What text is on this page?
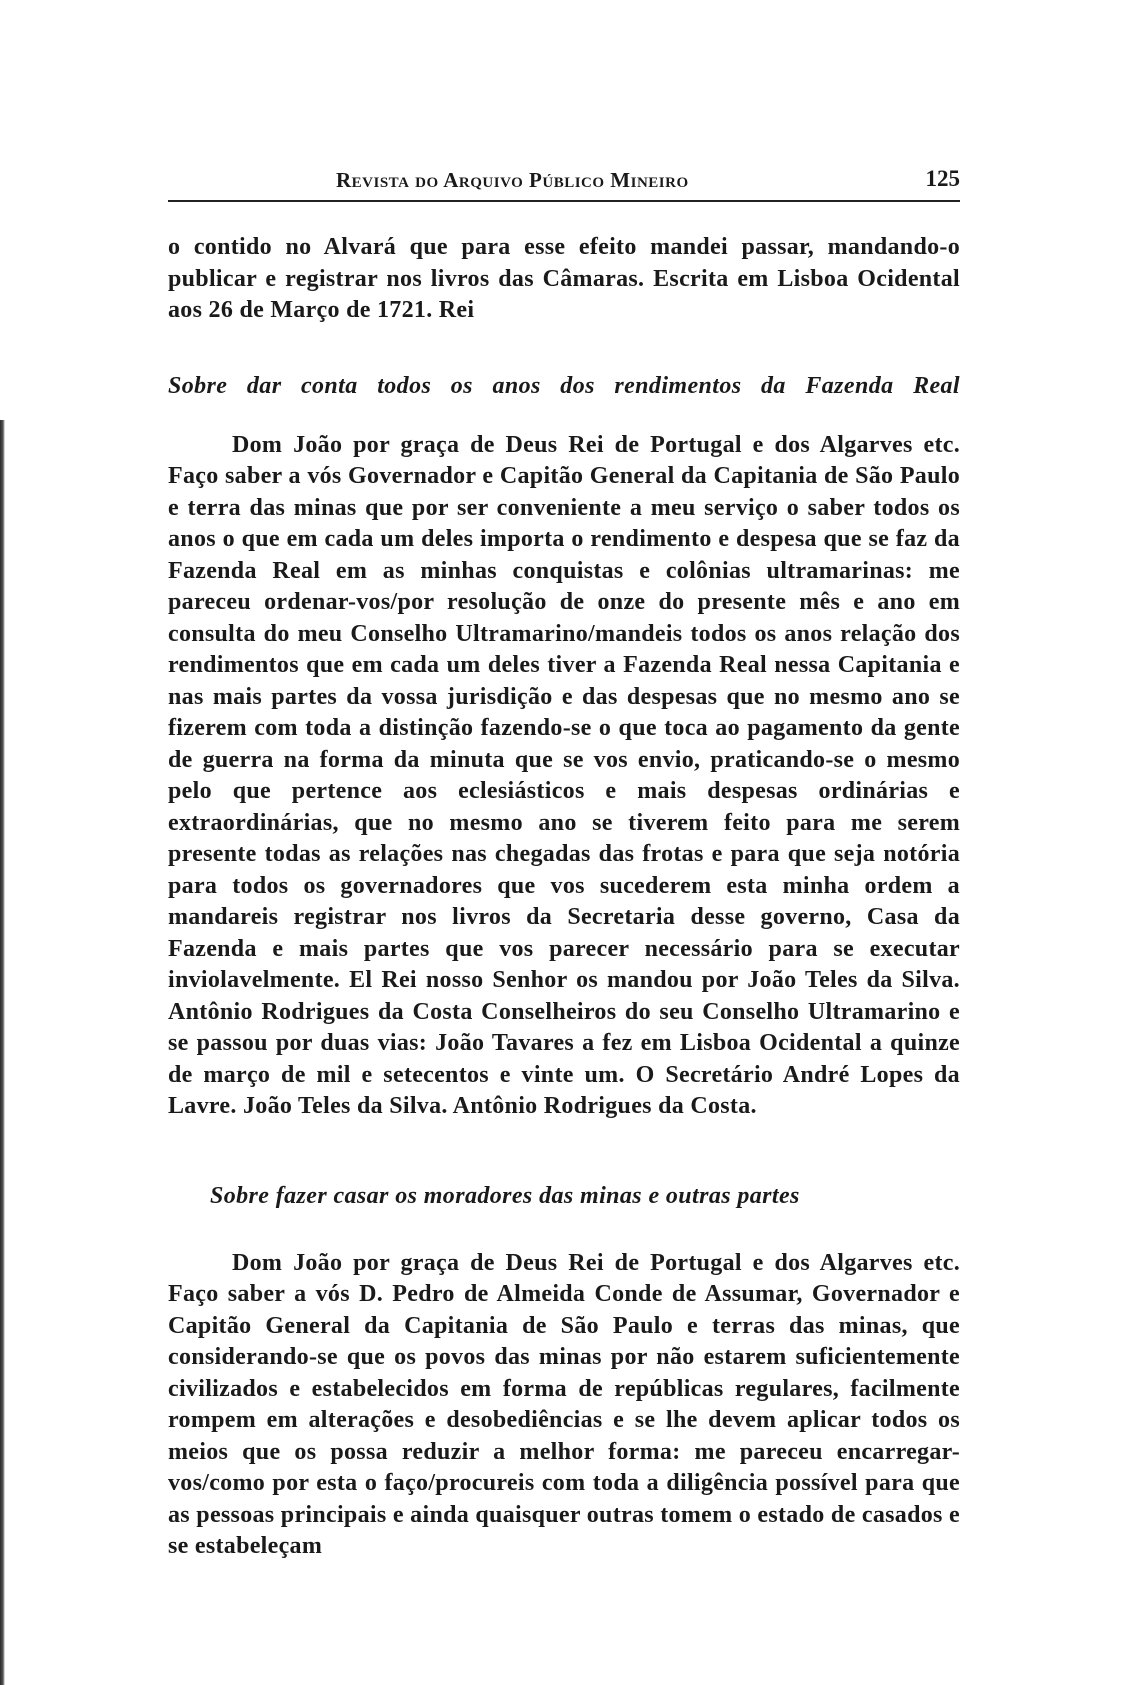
Revista do Arquivo Público Mineiro	125

o contido no Alvará que para esse efeito mandei passar, mandando-o publicar e registrar nos livros das Câmaras. Escrita em Lisboa Ocidental aos 26 de Março de 1721. Rei

Sobre dar conta todos os anos dos rendimentos da Fazenda Real

Dom João por graça de Deus Rei de Portugal e dos Algarves etc. Faço saber a vós Governador e Capitão General da Capitania de São Paulo e terra das minas que por ser conveniente a meu serviço o saber todos os anos o que em cada um deles importa o rendimento e despesa que se faz da Fazenda Real em as minhas conquistas e colônias ultramarinas: me pareceu ordenar-vos/por resolução de onze do presente mês e ano em consulta do meu Conselho Ultramarino/mandeis todos os anos relação dos rendimentos que em cada um deles tiver a Fazenda Real nessa Capitania e nas mais partes da vossa jurisdição e das despesas que no mesmo ano se fizerem com toda a distinção fazendo-se o que toca ao pagamento da gente de guerra na forma da minuta que se vos envio, praticando-se o mesmo pelo que pertence aos eclesiásticos e mais despesas ordinárias e extraordinárias, que no mesmo ano se tiverem feito para me serem presente todas as relações nas chegadas das frotas e para que seja notória para todos os governadores que vos sucederem esta minha ordem a mandareis registrar nos livros da Secretaria desse governo, Casa da Fazenda e mais partes que vos parecer necessário para se executar inviolavelmente. El Rei nosso Senhor os mandou por João Teles da Silva. Antônio Rodrigues da Costa Conselheiros do seu Conselho Ultramarino e se passou por duas vias: João Tavares a fez em Lisboa Ocidental a quinze de março de mil e setecentos e vinte um. O Secretário André Lopes da Lavre. João Teles da Silva. Antônio Rodrigues da Costa.

Sobre fazer casar os moradores das minas e outras partes

Dom João por graça de Deus Rei de Portugal e dos Algarves etc. Faço saber a vós D. Pedro de Almeida Conde de Assumar, Governador e Capitão General da Capitania de São Paulo e terras das minas, que considerando-se que os povos das minas por não estarem suficientemente civilizados e estabelecidos em forma de repúblicas regulares, facilmente rompem em alterações e desobediências e se lhe devem aplicar todos os meios que os possa reduzir a melhor forma: me pareceu encarregar-vos/como por esta o faço/procureis com toda a diligência possível para que as pessoas principais e ainda quaisquer outras tomem o estado de casados e se estabeleçam
